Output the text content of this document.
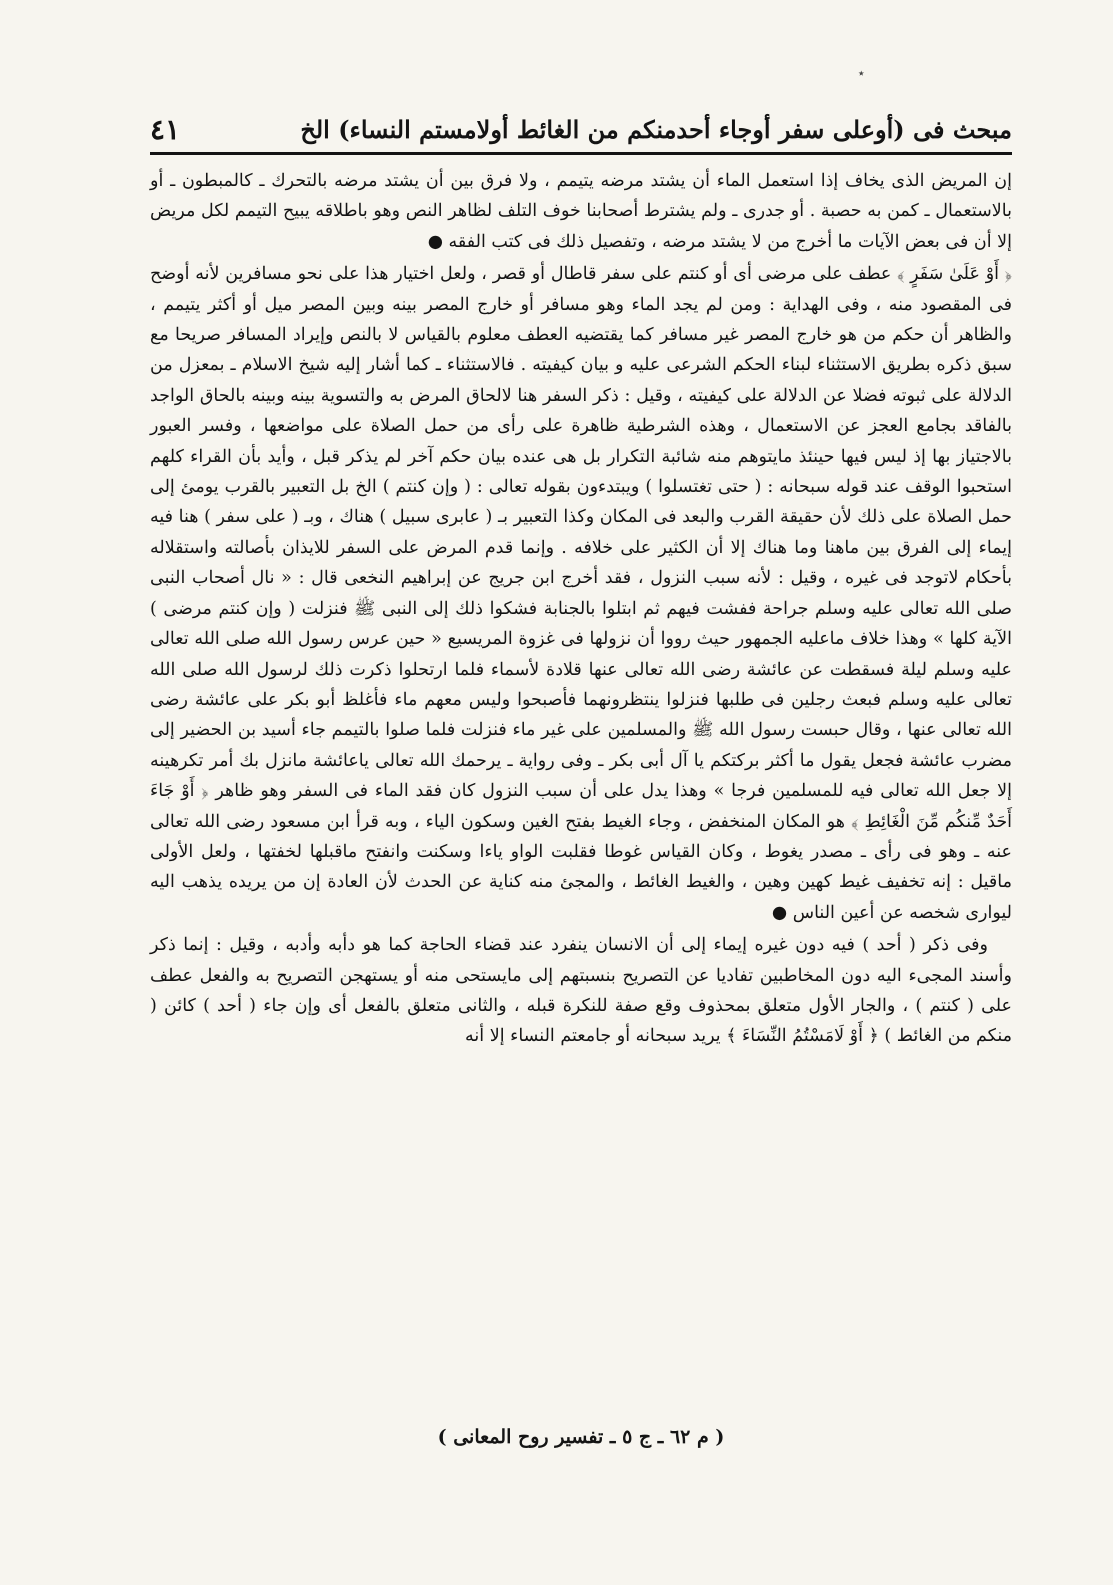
٭
مبحث فى (أوعلى سفر أوجاء أحدمنكم من الغائط أولامستم النساء) الخ
٤١

إن المريض الذى يخاف إذا استعمل الماء أن يشتد مرضه يتيمم ، ولا فرق بين أن يشتد مرضه بالتحرك ـ كالمبطون ـ أو بالاستعمال ـ كمن به حصبة . أو جدرى ـ ولم يشترط أصحابنا خوف التلف لظاهر النص وهو باطلاقه يبيح التيمم لكل مريض إلا أن فى بعض الآيات ما أخرج من لا يشتد مرضه ، وتفصيل ذلك فى كتب الفقه ●

﴿ أَوْ عَلَىٰ سَفَرٍ ﴾ عطف على مرضى أى أو كنتم على سفر قاطال أو قصر ، ولعل اختيار هذا على نحو مسافرين لأنه أوضح فى المقصود منه ، وفى الهداية : ومن لم يجد الماء وهو مسافر أو خارج المصر بينه وبين المصر ميل أو أكثر يتيمم ، والظاهر أن حكم من هو خارج المصر غير مسافر كما يقتضيه العطف معلوم بالقياس لا بالنص وإيراد المسافر صريحا مع سبق ذكره بطريق الاستثناء لبناء الحكم الشرعى عليه و بيان كيفيته . فالاستثناء ـ كما أشار إليه شيخ الاسلام ـ بمعزل من الدلالة على ثبوته فضلا عن الدلالة على كيفيته ، وقيل : ذكر السفر هنا لالحاق المرض به والتسوية بينه وبينه بالحاق الواجد بالفاقد بجامع العجز عن الاستعمال ، وهذه الشرطية ظاهرة على رأى من حمل الصلاة على مواضعها ، وفسر العبور بالاجتياز بها إذ ليس فيها حينئذ مايتوهم منه شائبة التكرار بل هى عنده بيان حكم آخر لم يذكر قبل ، وأيد بأن القراء كلهم استحبوا الوقف عند قوله سبحانه : ( حتى تغتسلوا ) ويبتدءون بقوله تعالى : ( وإن كنتم ) الخ بل التعبير بالقرب يومئ إلى حمل الصلاة على ذلك لأن حقيقة القرب والبعد فى المكان وكذا التعبير بـ ( عابرى سبيل ) هناك ، وبـ ( على سفر ) هنا فيه إيماء إلى الفرق بين ماهنا وما هناك إلا أن الكثير على خلافه . وإنما قدم المرض على السفر للايذان بأصالته واستقلاله بأحكام لاتوجد فى غيره ، وقيل : لأنه سبب النزول ، فقد أخرج ابن جريج عن إبراهيم النخعى قال : « نال أصحاب النبى صلى الله تعالى عليه وسلم جراحة ففشت فيهم ثم ابتلوا بالجنابة فشكوا ذلك إلى النبى ﷺ فنزلت ( وإن كنتم مرضى ) الآية كلها » وهذا خلاف ماعليه الجمهور حيث رووا أن نزولها فى غزوة المريسيع « حين عرس رسول الله صلى الله تعالى عليه وسلم ليلة فسقطت عن عائشة رضى الله تعالى عنها قلادة لأسماء فلما ارتحلوا ذكرت ذلك لرسول الله صلى الله تعالى عليه وسلم فبعث رجلين فى طلبها فنزلوا ينتظرونهما فأصبحوا وليس معهم ماء فأغلظ أبو بكر على عائشة رضى الله تعالى عنها ، وقال حبست رسول الله ﷺ والمسلمين على غير ماء فنزلت فلما صلوا بالتيمم جاء أسيد بن الحضير إلى مضرب عائشة فجعل يقول ما أكثر بركتكم يا آل أبى بكر ـ وفى رواية ـ يرحمك الله تعالى ياعائشة مانزل بك أمر تكرهينه إلا جعل الله تعالى فيه للمسلمين فرجا » وهذا يدل على أن سبب النزول كان فقد الماء فى السفر وهو ظاهر ﴿ أَوْ جَاءَ أَحَدٌ مِّنكُم مِّنَ الْغَائِطِ ﴾ هو المكان المنخفض ، وجاء الغيط بفتح الغين وسكون الياء ، وبه قرأ ابن مسعود رضى الله تعالى عنه ـ وهو فى رأى ـ مصدر يغوط ، وكان القياس غوطا فقلبت الواو ياءا وسكنت وانفتح ماقبلها لخفتها ، ولعل الأولى ماقيل : إنه تخفيف غيط كهين وهين ، والغيط الغائط ، والمجئ منه كناية عن الحدث لأن العادة إن من يريده يذهب اليه ليوارى شخصه عن أعين الناس ●

وفى ذكر ( أحد ) فيه دون غيره إيماء إلى أن الانسان ينفرد عند قضاء الحاجة كما هو دأبه وأدبه ، وقيل : إنما ذكر وأسند المجىء اليه دون المخاطبين تفاديا عن التصريح بنسبتهم إلى مايستحى منه أو يستهجن التصريح به والفعل عطف على ( كنتم ) ، والجار الأول متعلق بمحذوف وقع صفة للنكرة قبله ، والثانى متعلق بالفعل أى وإن جاء ( أحد ) كائن ( منكم من الغائط ) ﴿ أَوْ لَامَسْتُمُ النِّسَاءَ ﴾ يريد سبحانه أو جامعتم النساء إلا أنه

( م ٦٢ ـ ج ٥ ـ تفسير روح المعانى )
